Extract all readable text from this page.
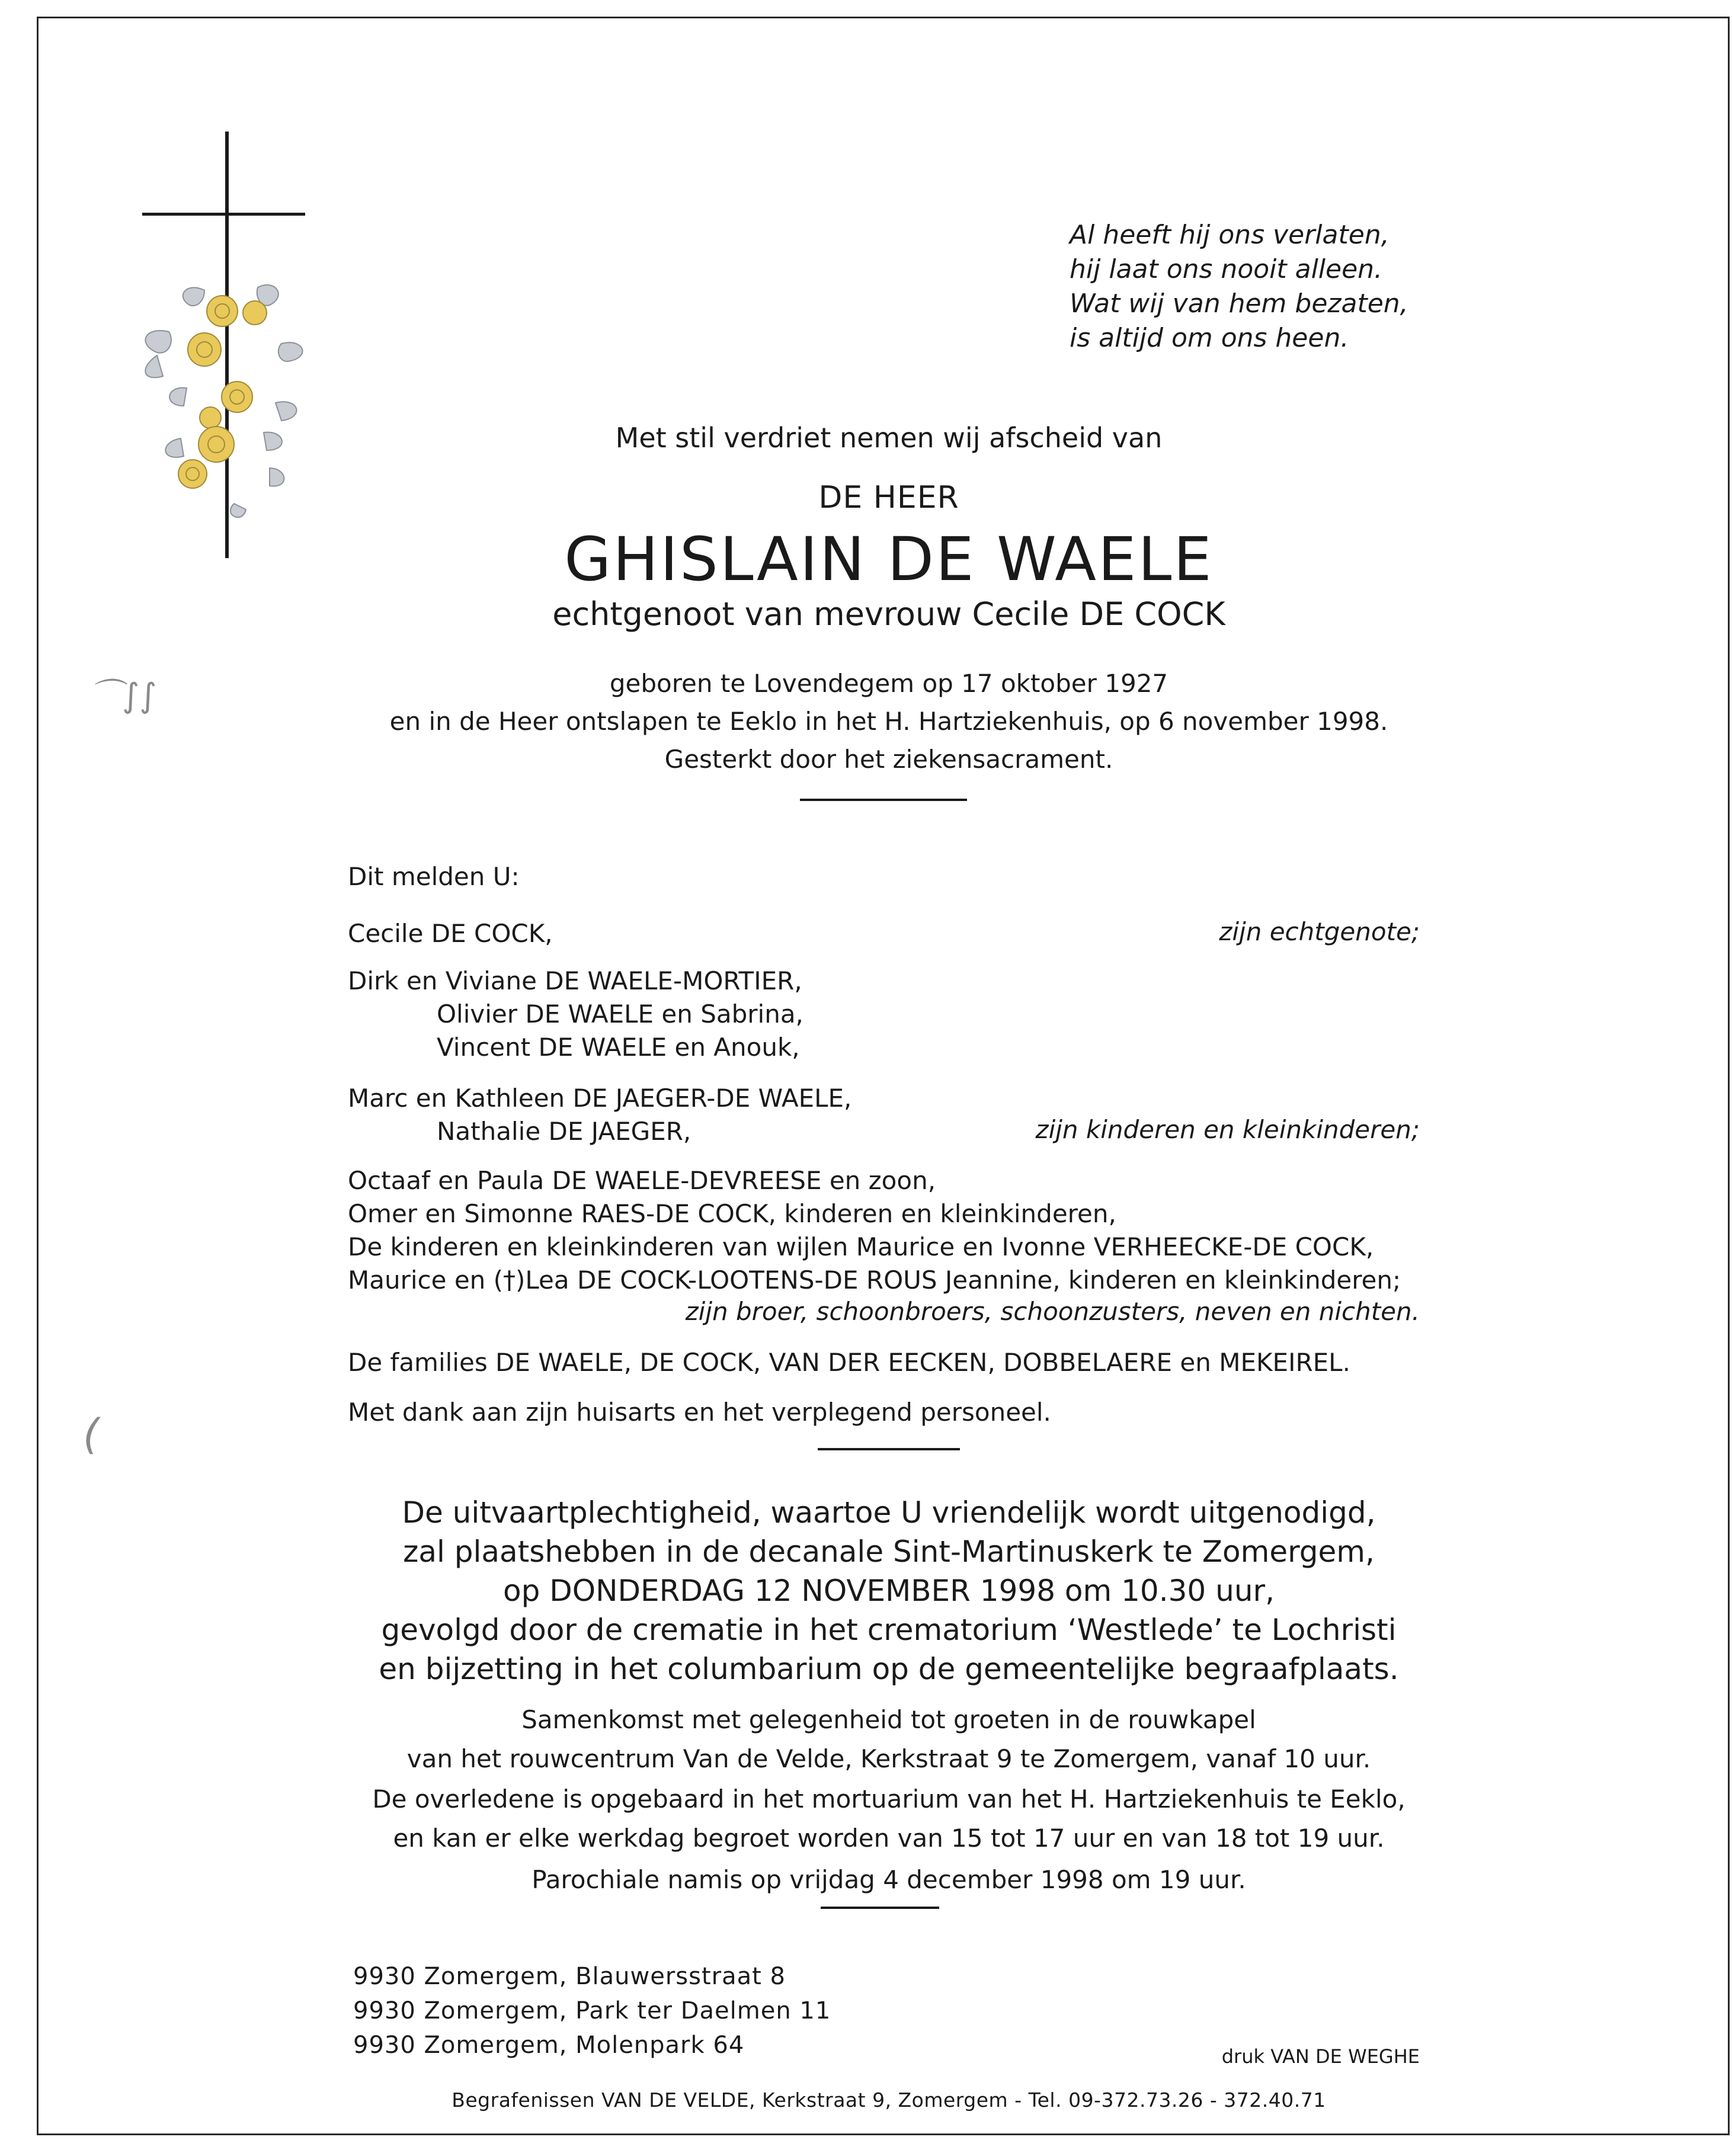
⌒∫∫
(
Al heeft hij ons verlaten,
hij laat ons nooit alleen.
Wat wij van hem bezaten,
is altijd om ons heen.
Met stil verdriet nemen wij afscheid van
DE HEER
GHISLAIN DE WAELE
echtgenoot van mevrouw Cecile DE COCK
geboren te Lovendegem op 17 oktober 1927
en in de Heer ontslapen te Eeklo in het H. Hartziekenhuis, op 6 november 1998.
Gesterkt door het ziekensacrament.
Dit melden U:
Cecile DE COCK,	zijn echtgenote;
Dirk en Viviane DE WAELE-MORTIER,
Olivier DE WAELE en Sabrina,
Vincent DE WAELE en Anouk,
Marc en Kathleen DE JAEGER-DE WAELE,
Nathalie DE JAEGER,	zijn kinderen en kleinkinderen;
Octaaf en Paula DE WAELE-DEVREESE en zoon,
Omer en Simonne RAES-DE COCK, kinderen en kleinkinderen,
De kinderen en kleinkinderen van wijlen Maurice en Ivonne VERHEECKE-DE COCK,
Maurice en (†)Lea DE COCK-LOOTENS-DE ROUS Jeannine, kinderen en kleinkinderen;
zijn broer, schoonbroers, schoonzusters, neven en nichten.
De families DE WAELE, DE COCK, VAN DER EECKEN, DOBBELAERE en MEKEIREL.
Met dank aan zijn huisarts en het verplegend personeel.
De uitvaartplechtigheid, waartoe U vriendelijk wordt uitgenodigd,
zal plaatshebben in de decanale Sint-Martinuskerk te Zomergem,
op DONDERDAG 12 NOVEMBER 1998 om 10.30 uur,
gevolgd door de crematie in het crematorium ‘Westlede’ te Lochristi
en bijzetting in het columbarium op de gemeentelijke begraafplaats.
Samenkomst met gelegenheid tot groeten in de rouwkapel
van het rouwcentrum Van de Velde, Kerkstraat 9 te Zomergem, vanaf 10 uur.
De overledene is opgebaard in het mortuarium van het H. Hartziekenhuis te Eeklo,
en kan er elke werkdag begroet worden van 15 tot 17 uur en van 18 tot 19 uur.
Parochiale namis op vrijdag 4 december 1998 om 19 uur.
9930 Zomergem, Blauwersstraat 8
9930 Zomergem, Park ter Daelmen 11
9930 Zomergem, Molenpark 64	druk VAN DE WEGHE
Begrafenissen VAN DE VELDE, Kerkstraat 9, Zomergem - Tel. 09-372.73.26 - 372.40.71
